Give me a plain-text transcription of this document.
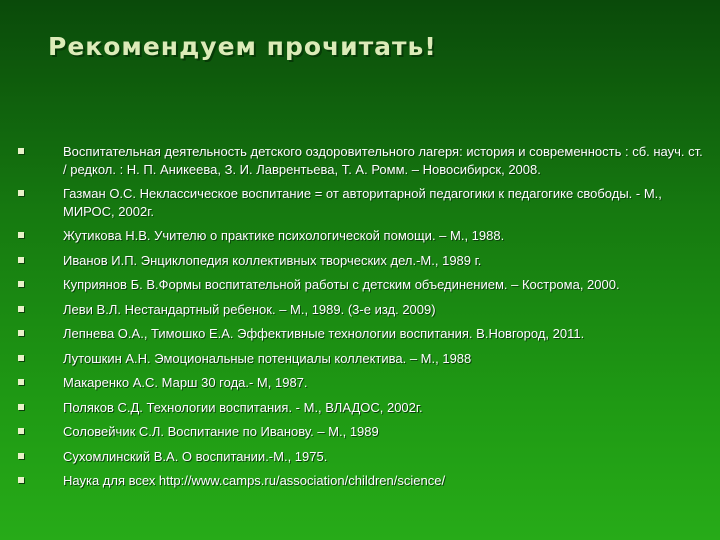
Рекомендуем прочитать!
Воспитательная деятельность детского оздоровительного лагеря: история и современность : сб. науч. ст. / редкол. : Н. П. Аникеева, З. И. Лаврентьева, Т. А. Ромм. – Новосибирск, 2008.
Газман О.С. Неклассическое воспитание = от авторитарной педагогики к педагогике свободы. - М., МИРОС, 2002г.
Жутикова Н.В. Учителю о практике психологической помощи. – М., 1988.
Иванов И.П. Энциклопедия коллективных творческих дел.-М., 1989 г.
Куприянов Б. В.Формы воспитательной работы с детским объединением. – Кострома, 2000.
Леви В.Л. Нестандартный ребенок. – М., 1989. (3-е изд. 2009)
Лепнева О.А., Тимошко Е.А. Эффективные технологии воспитания. В.Новгород, 2011.
Лутошкин А.Н. Эмоциональные потенциалы коллектива. – М., 1988
Макаренко А.С. Марш 30 года.- М, 1987.
Поляков С.Д. Технологии воспитания. - М., ВЛАДОС, 2002г.
Соловейчик С.Л. Воспитание по Иванову. – М., 1989
Сухомлинский В.А. О воспитании.-М., 1975.
Наука для всех http://www.camps.ru/association/children/science/
